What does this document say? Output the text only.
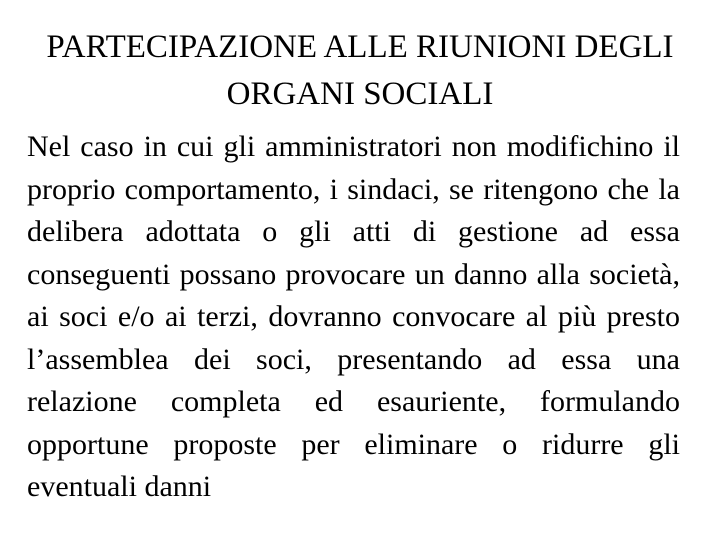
PARTECIPAZIONE ALLE RIUNIONI DEGLI ORGANI SOCIALI

Nel caso in cui gli amministratori non modifichino il proprio comportamento, i sindaci, se ritengono che la delibera adottata o gli atti di gestione ad essa conseguenti possano provocare un danno alla società, ai soci e/o ai terzi, dovranno convocare al più presto l’assemblea dei soci, presentando ad essa una relazione completa ed esauriente, formulando opportune proposte per eliminare o ridurre gli eventuali danni
